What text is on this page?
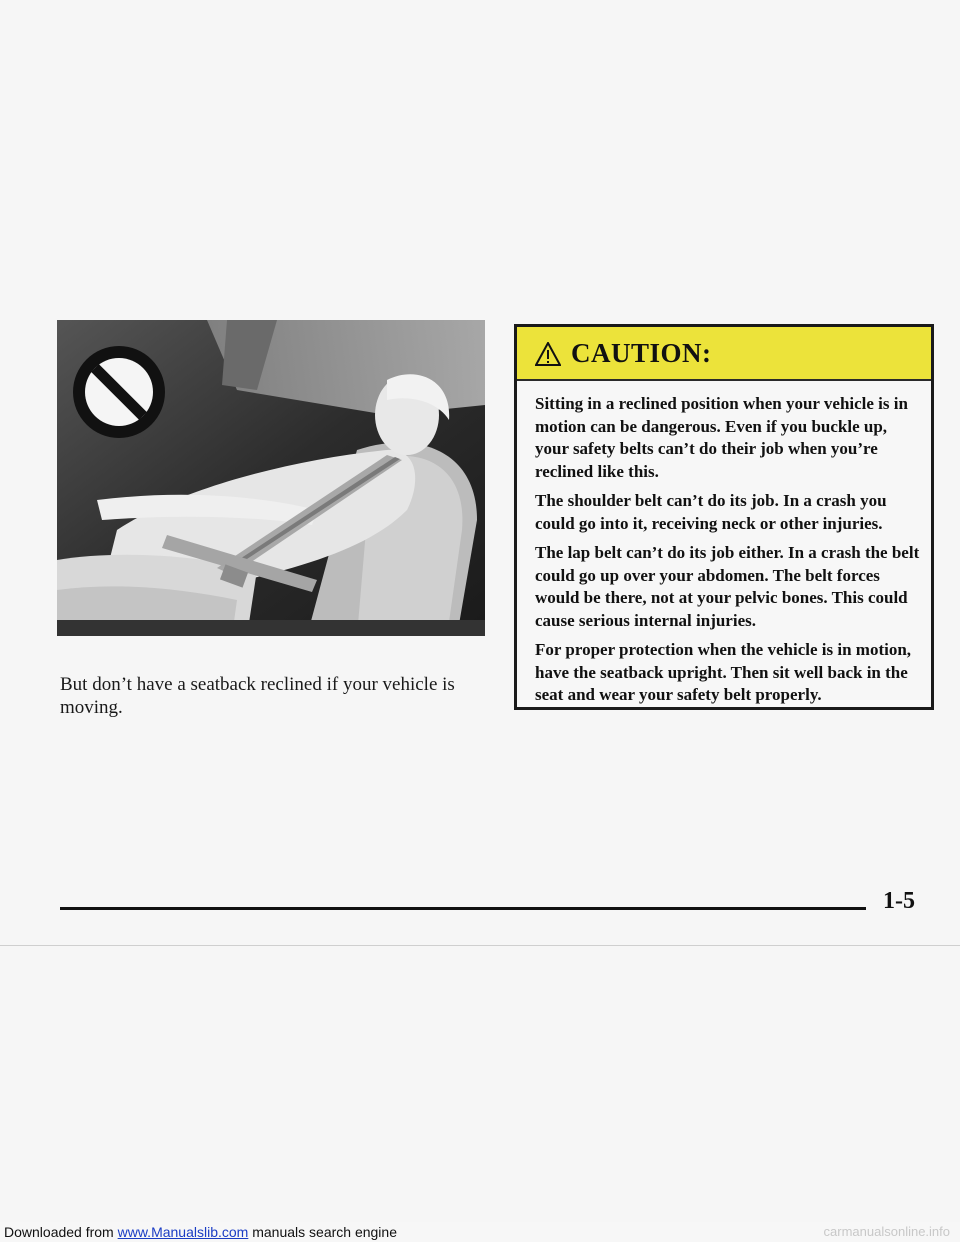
But don’t have a seatback reclined if your vehicle is moving.
CAUTION:

Sitting in a reclined position when your vehicle is in motion can be dangerous. Even if you buckle up, your safety belts can’t do their job when you’re reclined like this.

The shoulder belt can’t do its job. In a crash you could go into it, receiving neck or other injuries.

The lap belt can’t do its job either. In a crash the belt could go up over your abdomen. The belt forces would be there, not at your pelvic bones. This could cause serious internal injuries.

For proper protection when the vehicle is in motion, have the seatback upright. Then sit well back in the seat and wear your safety belt properly.

1-5
Downloaded from www.Manualslib.com manuals search engine	carmanualsonline.info
